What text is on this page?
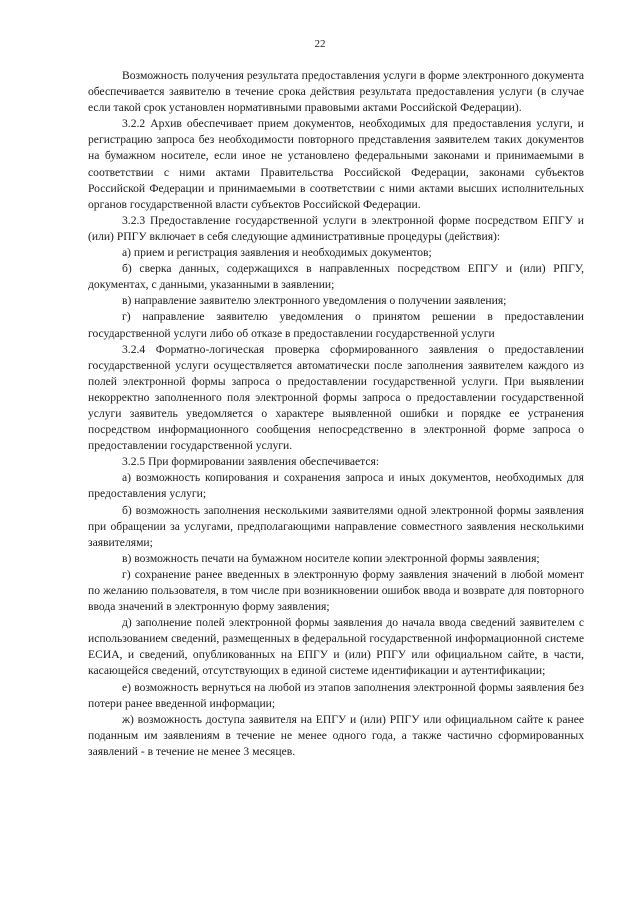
22

Возможность получения результата предоставления услуги в форме электронного документа обеспечивается заявителю в течение срока действия результата предоставления услуги (в случае если такой срок установлен нормативными правовыми актами Российской Федерации).

3.2.2 Архив обеспечивает прием документов, необходимых для предоставления услуги, и регистрацию запроса без необходимости повторного представления заявителем таких документов на бумажном носителе, если иное не установлено федеральными законами и принимаемыми в соответствии с ними актами Правительства Российской Федерации, законами субъектов Российской Федерации и принимаемыми в соответствии с ними актами высших исполнительных органов государственной власти субъектов Российской Федерации.

3.2.3 Предоставление государственной услуги в электронной форме посредством ЕПГУ и (или) РПГУ включает в себя следующие административные процедуры (действия):

а) прием и регистрация заявления и необходимых документов;

б) сверка данных, содержащихся в направленных посредством ЕПГУ и (или) РПГУ, документах, с данными, указанными в заявлении;

в) направление заявителю электронного уведомления о получении заявления;

г) направление заявителю уведомления о принятом решении в предоставлении государственной услуги либо об отказе в предоставлении государственной услуги

3.2.4 Форматно-логическая проверка сформированного заявления о предоставлении государственной услуги осуществляется автоматически после заполнения заявителем каждого из полей электронной формы запроса о предоставлении государственной услуги. При выявлении некорректно заполненного поля электронной формы запроса о предоставлении государственной услуги заявитель уведомляется о характере выявленной ошибки и порядке ее устранения посредством информационного сообщения непосредственно в электронной форме запроса о предоставлении государственной услуги.

3.2.5 При формировании заявления обеспечивается:

а) возможность копирования и сохранения запроса и иных документов, необходимых для предоставления услуги;

б) возможность заполнения несколькими заявителями одной электронной формы заявления при обращении за услугами, предполагающими направление совместного заявления несколькими заявителями;

в) возможность печати на бумажном носителе копии электронной формы заявления;

г) сохранение ранее введенных в электронную форму заявления значений в любой момент по желанию пользователя, в том числе при возникновении ошибок ввода и возврате для повторного ввода значений в электронную форму заявления;

д) заполнение полей электронной формы заявления до начала ввода сведений заявителем с использованием сведений, размещенных в федеральной государственной информационной системе ЕСИА, и сведений, опубликованных на ЕПГУ и (или) РПГУ или официальном сайте, в части, касающейся сведений, отсутствующих в единой системе идентификации и аутентификации;

е) возможность вернуться на любой из этапов заполнения электронной формы заявления без потери ранее введенной информации;

ж) возможность доступа заявителя на ЕПГУ и (или) РПГУ или официальном сайте к ранее поданным им заявлениям в течение не менее одного года, а также частично сформированных заявлений - в течение не менее 3 месяцев.
